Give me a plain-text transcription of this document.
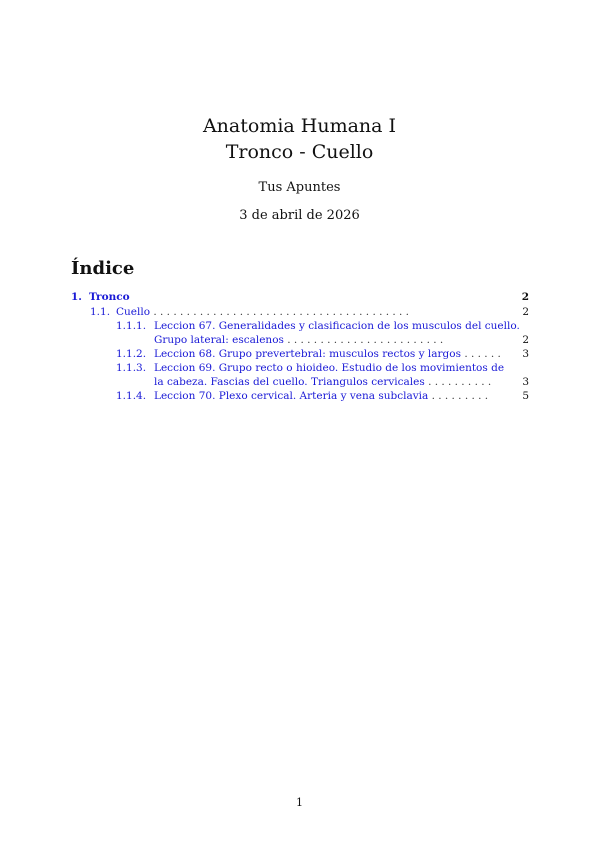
Anatomia Humana I
Tronco - Cuello
Tus Apuntes
3 de abril de 2026
Índice
1. Tronco	2
1.1. Cuello .......................................	2
1.1.1. Leccion 67. Generalidades y clasificacion de los musculos del cuello.
Grupo lateral: escalenos ........................	2
1.1.2. Leccion 68. Grupo prevertebral: musculos rectos y largos ...... 3
1.1.3. Leccion 69. Grupo recto o hioideo. Estudio de los movimientos de
la cabeza. Fascias del cuello. Triangulos cervicales ..........	3
1.1.4. Leccion 70. Plexo cervical. Arteria y vena subclavia .........	5
1
